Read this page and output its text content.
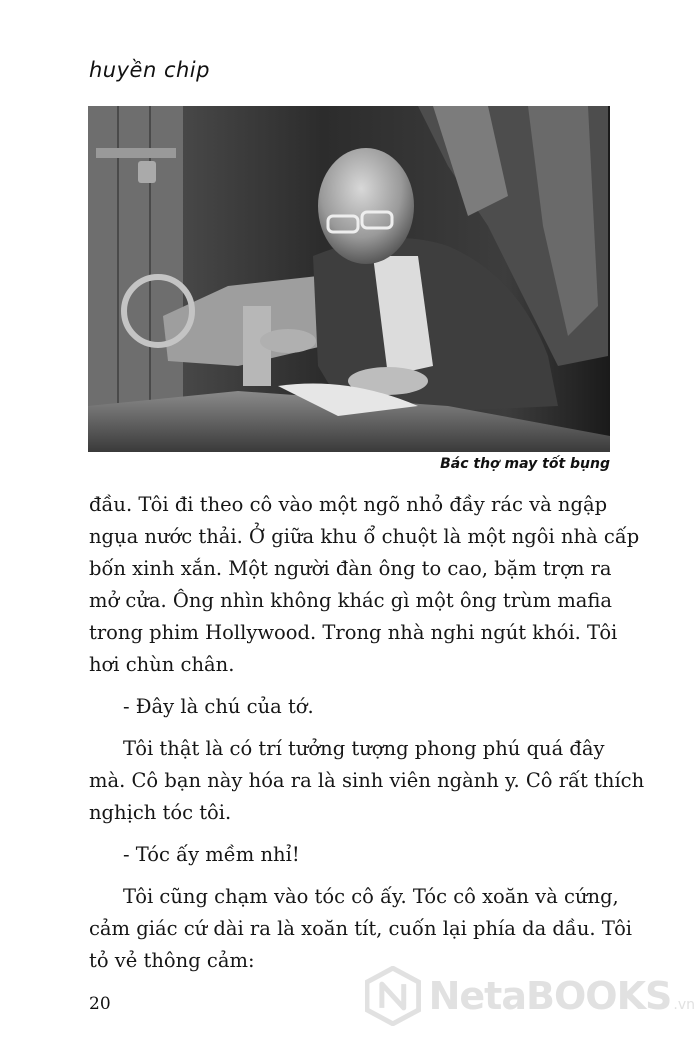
huyền chip
Bác thợ may tốt bụng

đầu. Tôi đi theo cô vào một ngõ nhỏ đầy rác và ngập
ngụa nước thải. Ở giữa khu ổ chuột là một ngôi nhà cấp
bốn xinh xắn. Một người đàn ông to cao, bặm trợn ra
mở cửa. Ông nhìn không khác gì một ông trùm mafia
trong phim Hollywood. Trong nhà nghi ngút khói. Tôi
hơi chùn chân.

- Đây là chú của tớ.

Tôi thật là có trí tưởng tượng phong phú quá đây
mà. Cô bạn này hóa ra là sinh viên ngành y. Cô rất thích
nghịch tóc tôi.

- Tóc ấy mềm nhỉ!

Tôi cũng chạm vào tóc cô ấy. Tóc cô xoăn và cứng,
cảm giác cứ dài ra là xoăn tít, cuốn lại phía da dầu. Tôi
tỏ vẻ thông cảm:

20	NetaBOOKS .vn
